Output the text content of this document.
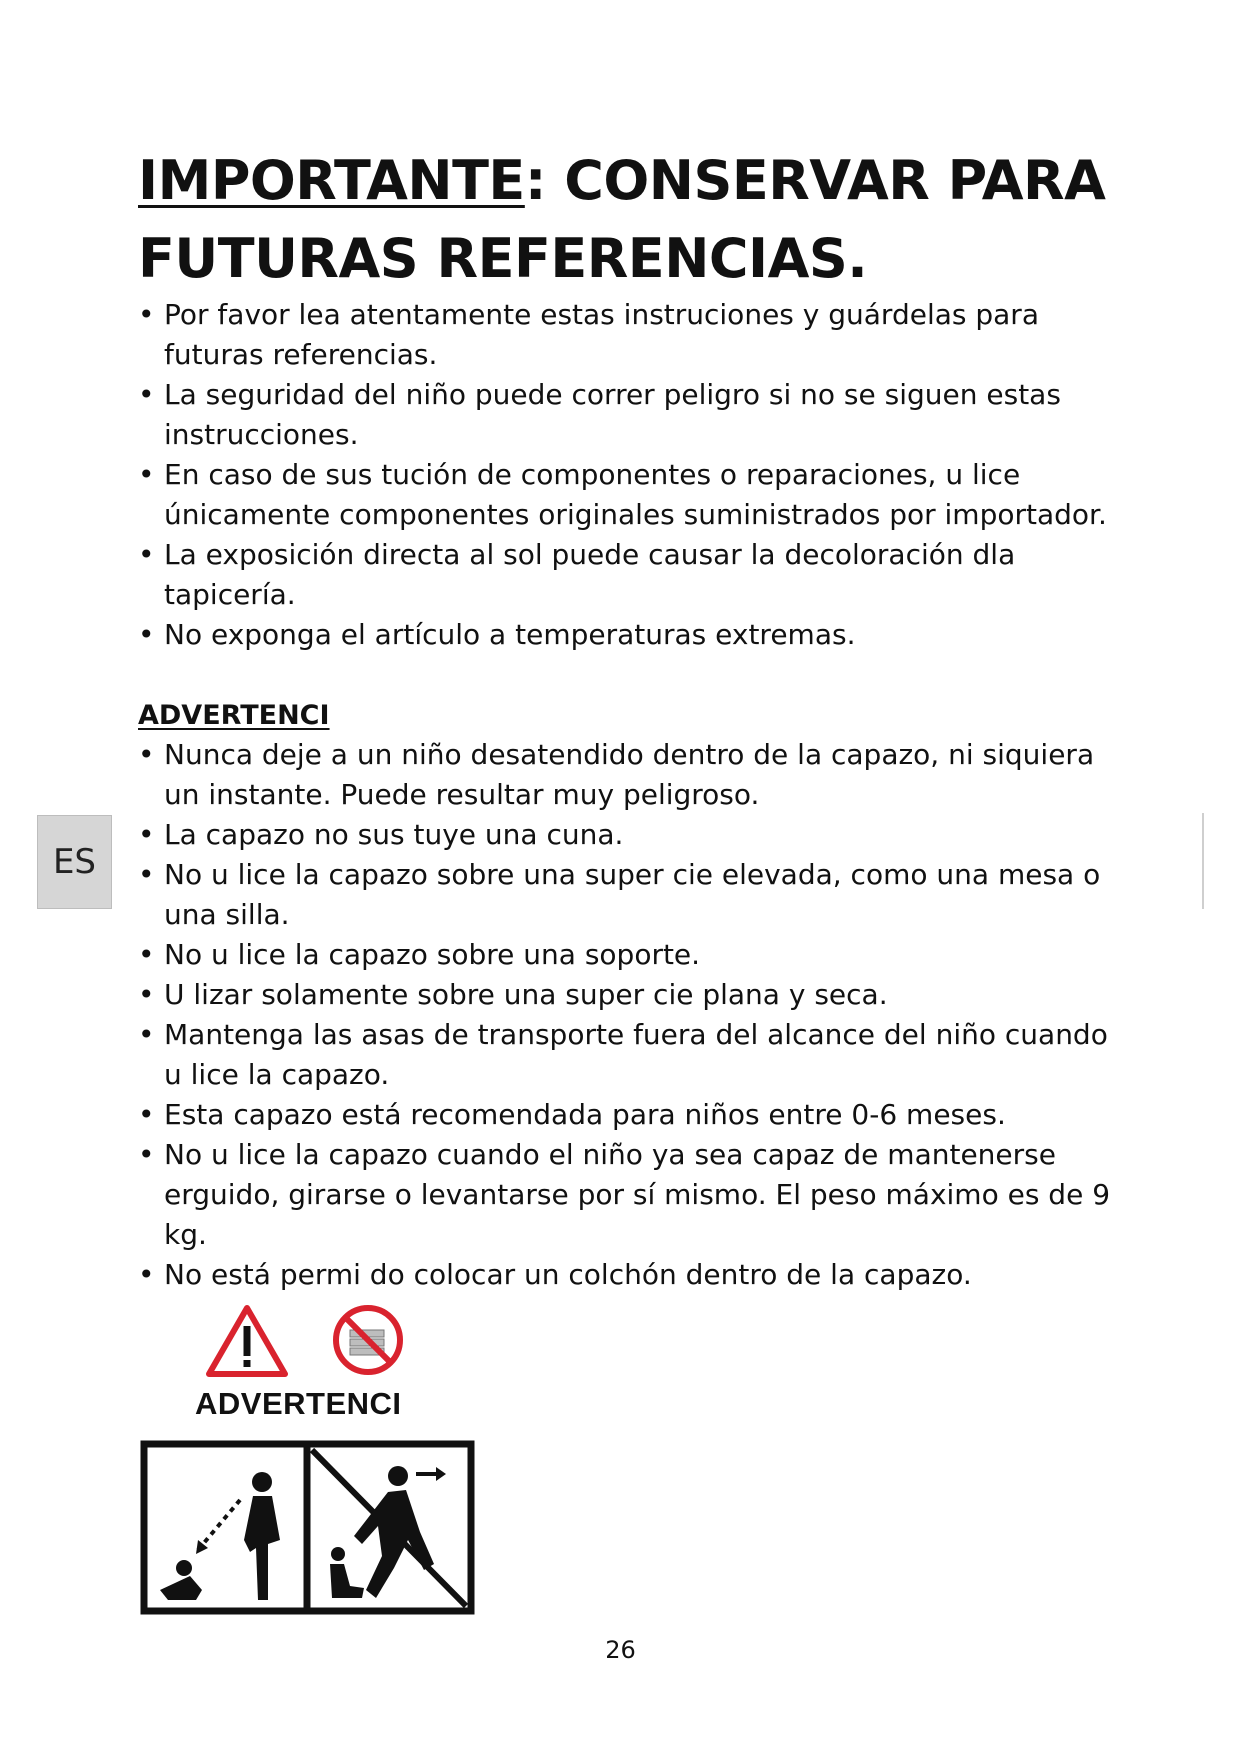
IMPORTANTE: CONSERVAR PARA FUTURAS REFERENCIAS.
• Por favor lea atentamente estas instruciones y guárdelas para futuras referencias.
• La seguridad del niño puede correr peligro si no se siguen estas instrucciones.
• En caso de sus tución de componentes o reparaciones, u lice únicamente componentes originales suministrados por importador.
• La exposición directa al sol puede causar la decoloración dla tapicería.
• No exponga el artículo a temperaturas extremas.
ADVERTENCI
• Nunca deje a un niño desatendido dentro de la capazo, ni siquiera un instante. Puede resultar muy peligroso.
• La capazo no sus tuye una cuna.
• No u lice la capazo sobre una super cie elevada, como una mesa o una silla.
• No u lice la capazo sobre una soporte.
• U lizar solamente sobre una super cie plana y seca.
• Mantenga las asas de transporte fuera del alcance del niño cuando u lice la capazo.
• Esta capazo está recomendada para niños entre 0-6 meses.
• No u lice la capazo cuando el niño ya sea capaz de mantenerse erguido, girarse o levantarse por sí mismo. El peso máximo es de 9 kg.
• No está permi do colocar un colchón dentro de la capazo.
ES

ADVERTENCI

26
